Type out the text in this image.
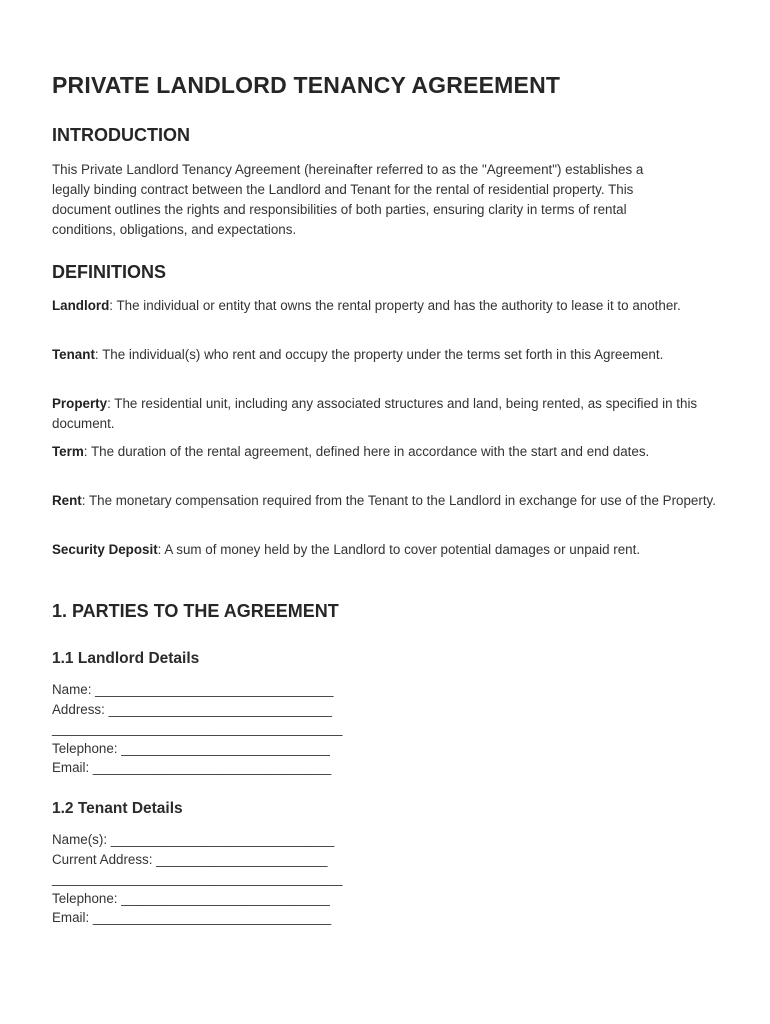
PRIVATE LANDLORD TENANCY AGREEMENT
INTRODUCTION

This Private Landlord Tenancy Agreement (hereinafter referred to as the "Agreement") establishes a legally binding contract between the Landlord and Tenant for the rental of residential property. This document outlines the rights and responsibilities of both parties, ensuring clarity in terms of rental conditions, obligations, and expectations.

DEFINITIONS

Landlord: The individual or entity that owns the rental property and has the authority to lease it to another.

Tenant: The individual(s) who rent and occupy the property under the terms set forth in this Agreement.

Property: The residential unit, including any associated structures and land, being rented, as specified in this document.

Term: The duration of the rental agreement, defined here in accordance with the start and end dates.

Rent: The monetary compensation required from the Tenant to the Landlord in exchange for use of the Property.

Security Deposit: A sum of money held by the Landlord to cover potential damages or unpaid rent.

1. PARTIES TO THE AGREEMENT
1.1 Landlord Details
Name: ________________________________
Address: ______________________________
_______________________________________
Telephone: ____________________________
Email: ________________________________
1.2 Tenant Details
Name(s): ______________________________
Current Address: _______________________
_______________________________________
Telephone: ____________________________
Email: ________________________________
